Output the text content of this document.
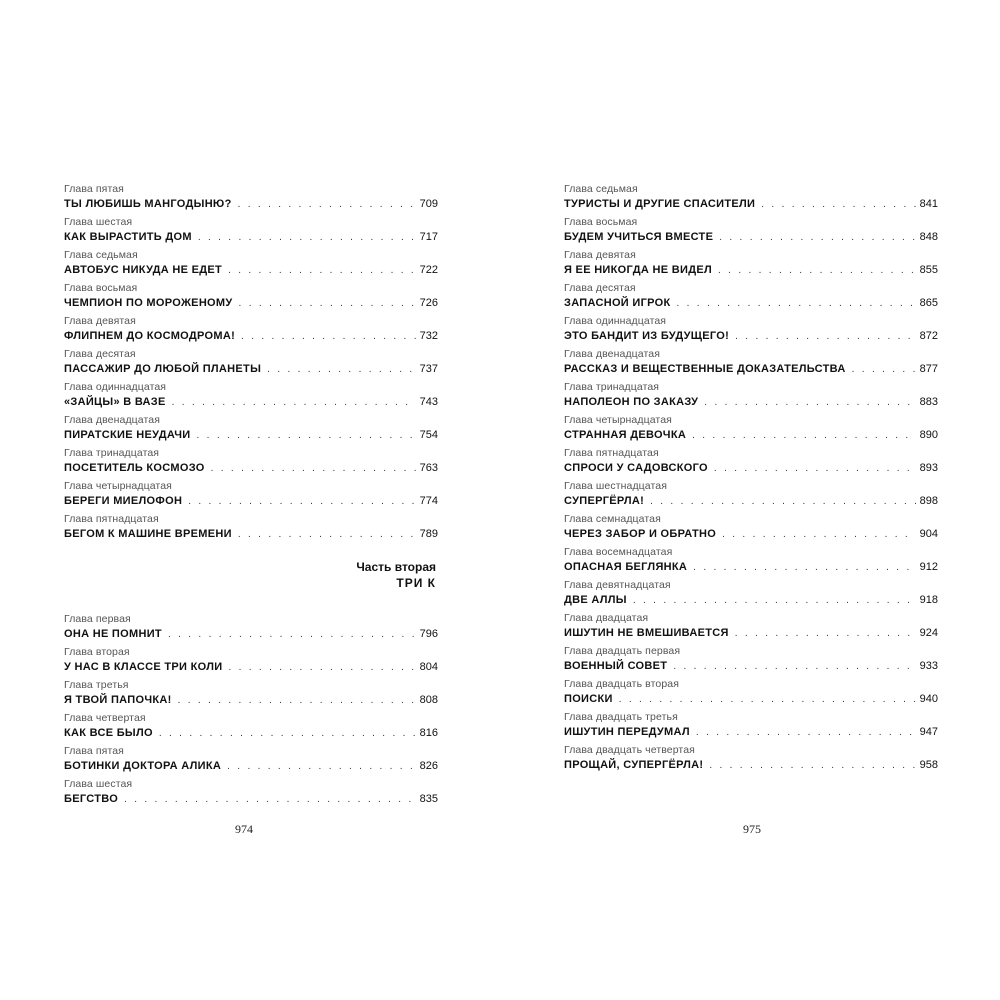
Глава пятая
ТЫ ЛЮБИШЬ МАНГОДЫНЮ? . . .	709
Глава шестая
КАК ВЫРАСТИТЬ ДОМ . . .	717
Глава седьмая
АВТОБУС НИКУДА НЕ ЕДЕТ . . .	722
Глава восьмая
ЧЕМПИОН ПО МОРОЖЕНОМУ . . .	726
Глава девятая
ФЛИПНЕМ ДО КОСМОДРОМА! . . .	732
Глава десятая
ПАССАЖИР ДО ЛЮБОЙ ПЛАНЕТЫ . . .	737
Глава одиннадцатая
«ЗАЙЦЫ» В ВАЗЕ . . .	743
Глава двенадцатая
ПИРАТСКИЕ НЕУДАЧИ . . .	754
Глава тринадцатая
ПОСЕТИТЕЛЬ КОСМОЗО . . .	763
Глава четырнадцатая
БЕРЕГИ МИЕЛОФОН . . .	774
Глава пятнадцатая
БЕГОМ К МАШИНЕ ВРЕМЕНИ . . .	789
Часть вторая
ТРИ К
Глава первая
ОНА НЕ ПОМНИТ . . .	796
Глава вторая
У НАС В КЛАССЕ ТРИ КОЛИ . . .	804
Глава третья
Я ТВОЙ ПАПОЧКА! . . .	808
Глава четвертая
КАК ВСЕ БЫЛО . . .	816
Глава пятая
БОТИНКИ ДОКТОРА АЛИКА . . .	826
Глава шестая
БЕГСТВО . . .	835
974
Глава седьмая
ТУРИСТЫ И ДРУГИЕ СПАСИТЕЛИ . . .	841
Глава восьмая
БУДЕМ УЧИТЬСЯ ВМЕСТЕ . . .	848
Глава девятая
Я ЕЕ НИКОГДА НЕ ВИДЕЛ . . .	855
Глава десятая
ЗАПАСНОЙ ИГРОК . . .	865
Глава одиннадцатая
ЭТО БАНДИТ ИЗ БУДУЩЕГО! . . .	872
Глава двенадцатая
РАССКАЗ И ВЕЩЕСТВЕННЫЕ ДОКАЗАТЕЛЬСТВА . . .	877
Глава тринадцатая
НАПОЛЕОН ПО ЗАКАЗУ . . .	883
Глава четырнадцатая
СТРАННАЯ ДЕВОЧКА . . .	890
Глава пятнадцатая
СПРОСИ У САДОВСКОГО . . .	893
Глава шестнадцатая
СУПЕРГЁРЛА! . . .	898
Глава семнадцатая
ЧЕРЕЗ ЗАБОР И ОБРАТНО . . .	904
Глава восемнадцатая
ОПАСНАЯ БЕГЛЯНКА . . .	912
Глава девятнадцатая
ДВЕ АЛЛЫ . . .	918
Глава двадцатая
ИШУТИН НЕ ВМЕШИВАЕТСЯ . . .	924
Глава двадцать первая
ВОЕННЫЙ СОВЕТ . . .	933
Глава двадцать вторая
ПОИСКИ . . .	940
Глава двадцать третья
ИШУТИН ПЕРЕДУМАЛ . . .	947
Глава двадцать четвертая
ПРОЩАЙ, СУПЕРГЁРЛА! . . .	958
975
